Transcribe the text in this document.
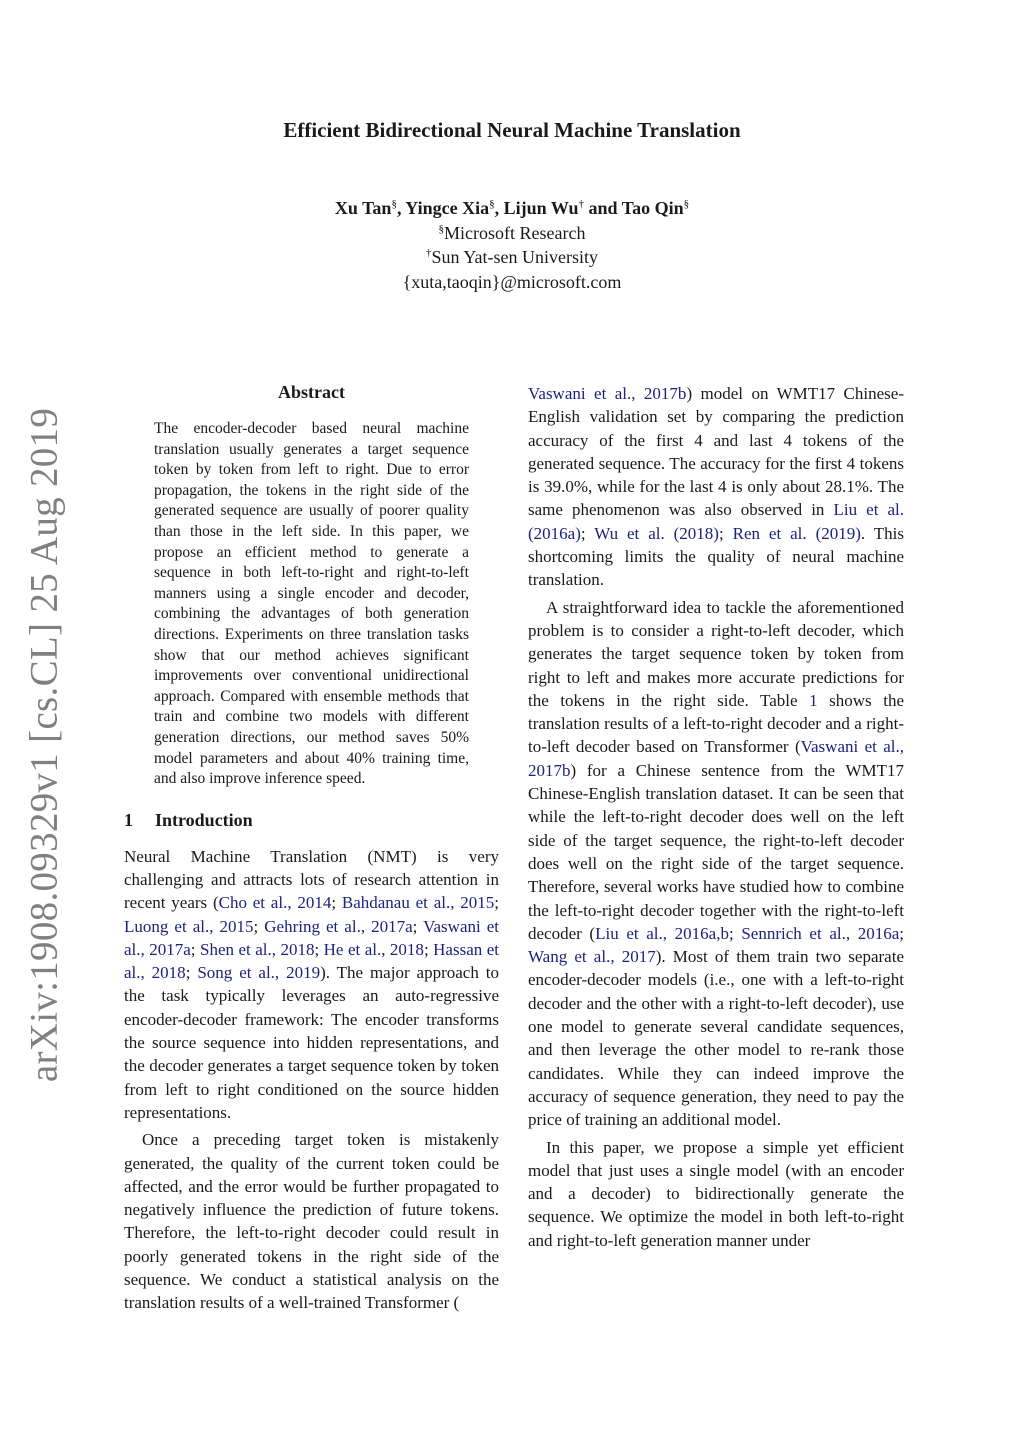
arXiv:1908.09329v1 [cs.CL] 25 Aug 2019
Efficient Bidirectional Neural Machine Translation
Xu Tan§, Yingce Xia§, Lijun Wu† and Tao Qin§
§Microsoft Research
†Sun Yat-sen University
{xuta,taoqin}@microsoft.com
Abstract

The encoder-decoder based neural machine translation usually generates a target sequence token by token from left to right. Due to error propagation, the tokens in the right side of the generated sequence are usually of poorer quality than those in the left side. In this paper, we propose an efficient method to generate a sequence in both left-to-right and right-to-left manners using a single encoder and decoder, combining the advantages of both generation directions. Experiments on three translation tasks show that our method achieves significant improvements over conventional unidirectional approach. Compared with ensemble methods that train and combine two models with different generation directions, our method saves 50% model parameters and about 40% training time, and also improve inference speed.

1 Introduction

Neural Machine Translation (NMT) is very challenging and attracts lots of research attention in recent years (Cho et al., 2014; Bahdanau et al., 2015; Luong et al., 2015; Gehring et al., 2017a; Vaswani et al., 2017a; Shen et al., 2018; He et al., 2018; Hassan et al., 2018; Song et al., 2019). The major approach to the task typically leverages an auto-regressive encoder-decoder framework: The encoder transforms the source sequence into hidden representations, and the decoder generates a target sequence token by token from left to right conditioned on the source hidden representations.

Once a preceding target token is mistakenly generated, the quality of the current token could be affected, and the error would be further propagated to negatively influence the prediction of future tokens. Therefore, the left-to-right decoder could result in poorly generated tokens in the right side of the sequence. We conduct a statistical analysis on the translation results of a well-trained Transformer (

Vaswani et al., 2017b) model on WMT17 Chinese-English validation set by comparing the prediction accuracy of the first 4 and last 4 tokens of the generated sequence. The accuracy for the first 4 tokens is 39.0%, while for the last 4 is only about 28.1%. The same phenomenon was also observed in Liu et al. (2016a); Wu et al. (2018); Ren et al. (2019). This shortcoming limits the quality of neural machine translation.

A straightforward idea to tackle the aforementioned problem is to consider a right-to-left decoder, which generates the target sequence token by token from right to left and makes more accurate predictions for the tokens in the right side. Table 1 shows the translation results of a left-to-right decoder and a right-to-left decoder based on Transformer (Vaswani et al., 2017b) for a Chinese sentence from the WMT17 Chinese-English translation dataset. It can be seen that while the left-to-right decoder does well on the left side of the target sequence, the right-to-left decoder does well on the right side of the target sequence. Therefore, several works have studied how to combine the left-to-right decoder together with the right-to-left decoder (Liu et al., 2016a,b; Sennrich et al., 2016a; Wang et al., 2017). Most of them train two separate encoder-decoder models (i.e., one with a left-to-right decoder and the other with a right-to-left decoder), use one model to generate several candidate sequences, and then leverage the other model to re-rank those candidates. While they can indeed improve the accuracy of sequence generation, they need to pay the price of training an additional model.

In this paper, we propose a simple yet efficient model that just uses a single model (with an encoder and a decoder) to bidirectionally generate the sequence. We optimize the model in both left-to-right and right-to-left generation manner under
